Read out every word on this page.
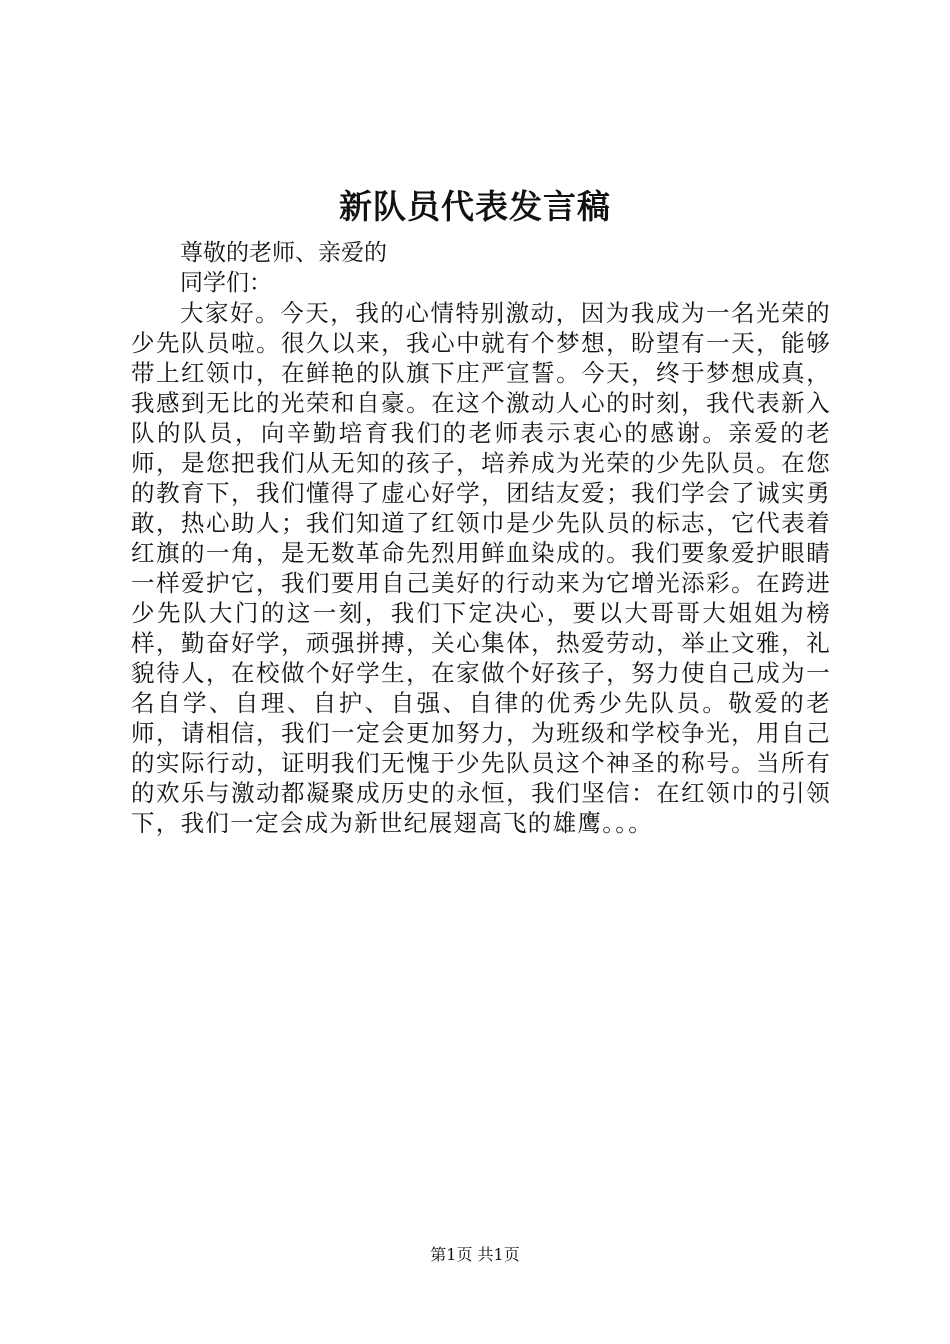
新队员代表发言稿
尊敬的老师、亲爱的
同学们：

大家好。今天，我的心情特别激动，因为我成为一名光荣的少先队员啦。很久以来，我心中就有个梦想，盼望有一天，能够带上红领巾，在鲜艳的队旗下庄严宣誓。今天，终于梦想成真，我感到无比的光荣和自豪。在这个激动人心的时刻，我代表新入队的队员，向辛勤培育我们的老师表示衷心的感谢。亲爱的老师，是您把我们从无知的孩子，培养成为光荣的少先队员。在您的教育下，我们懂得了虚心好学，团结友爱；我们学会了诚实勇敢，热心助人；我们知道了红领巾是少先队员的标志，它代表着红旗的一角，是无数革命先烈用鲜血染成的。我们要象爱护眼睛一样爱护它，我们要用自己美好的行动来为它增光添彩。在跨进少先队大门的这一刻，我们下定决心，要以大哥哥大姐姐为榜样，勤奋好学，顽强拼搏，关心集体，热爱劳动，举止文雅，礼貌待人，在校做个好学生，在家做个好孩子，努力使自己成为一名自学、自理、自护、自强、自律的优秀少先队员。敬爱的老师，请相信，我们一定会更加努力，为班级和学校争光，用自己的实际行动，证明我们无愧于少先队员这个神圣的称号。当所有的欢乐与激动都凝聚成历史的永恒，我们坚信：在红领巾的引领下，我们一定会成为新世纪展翅高飞的雄鹰。。。

第1页 共1页
